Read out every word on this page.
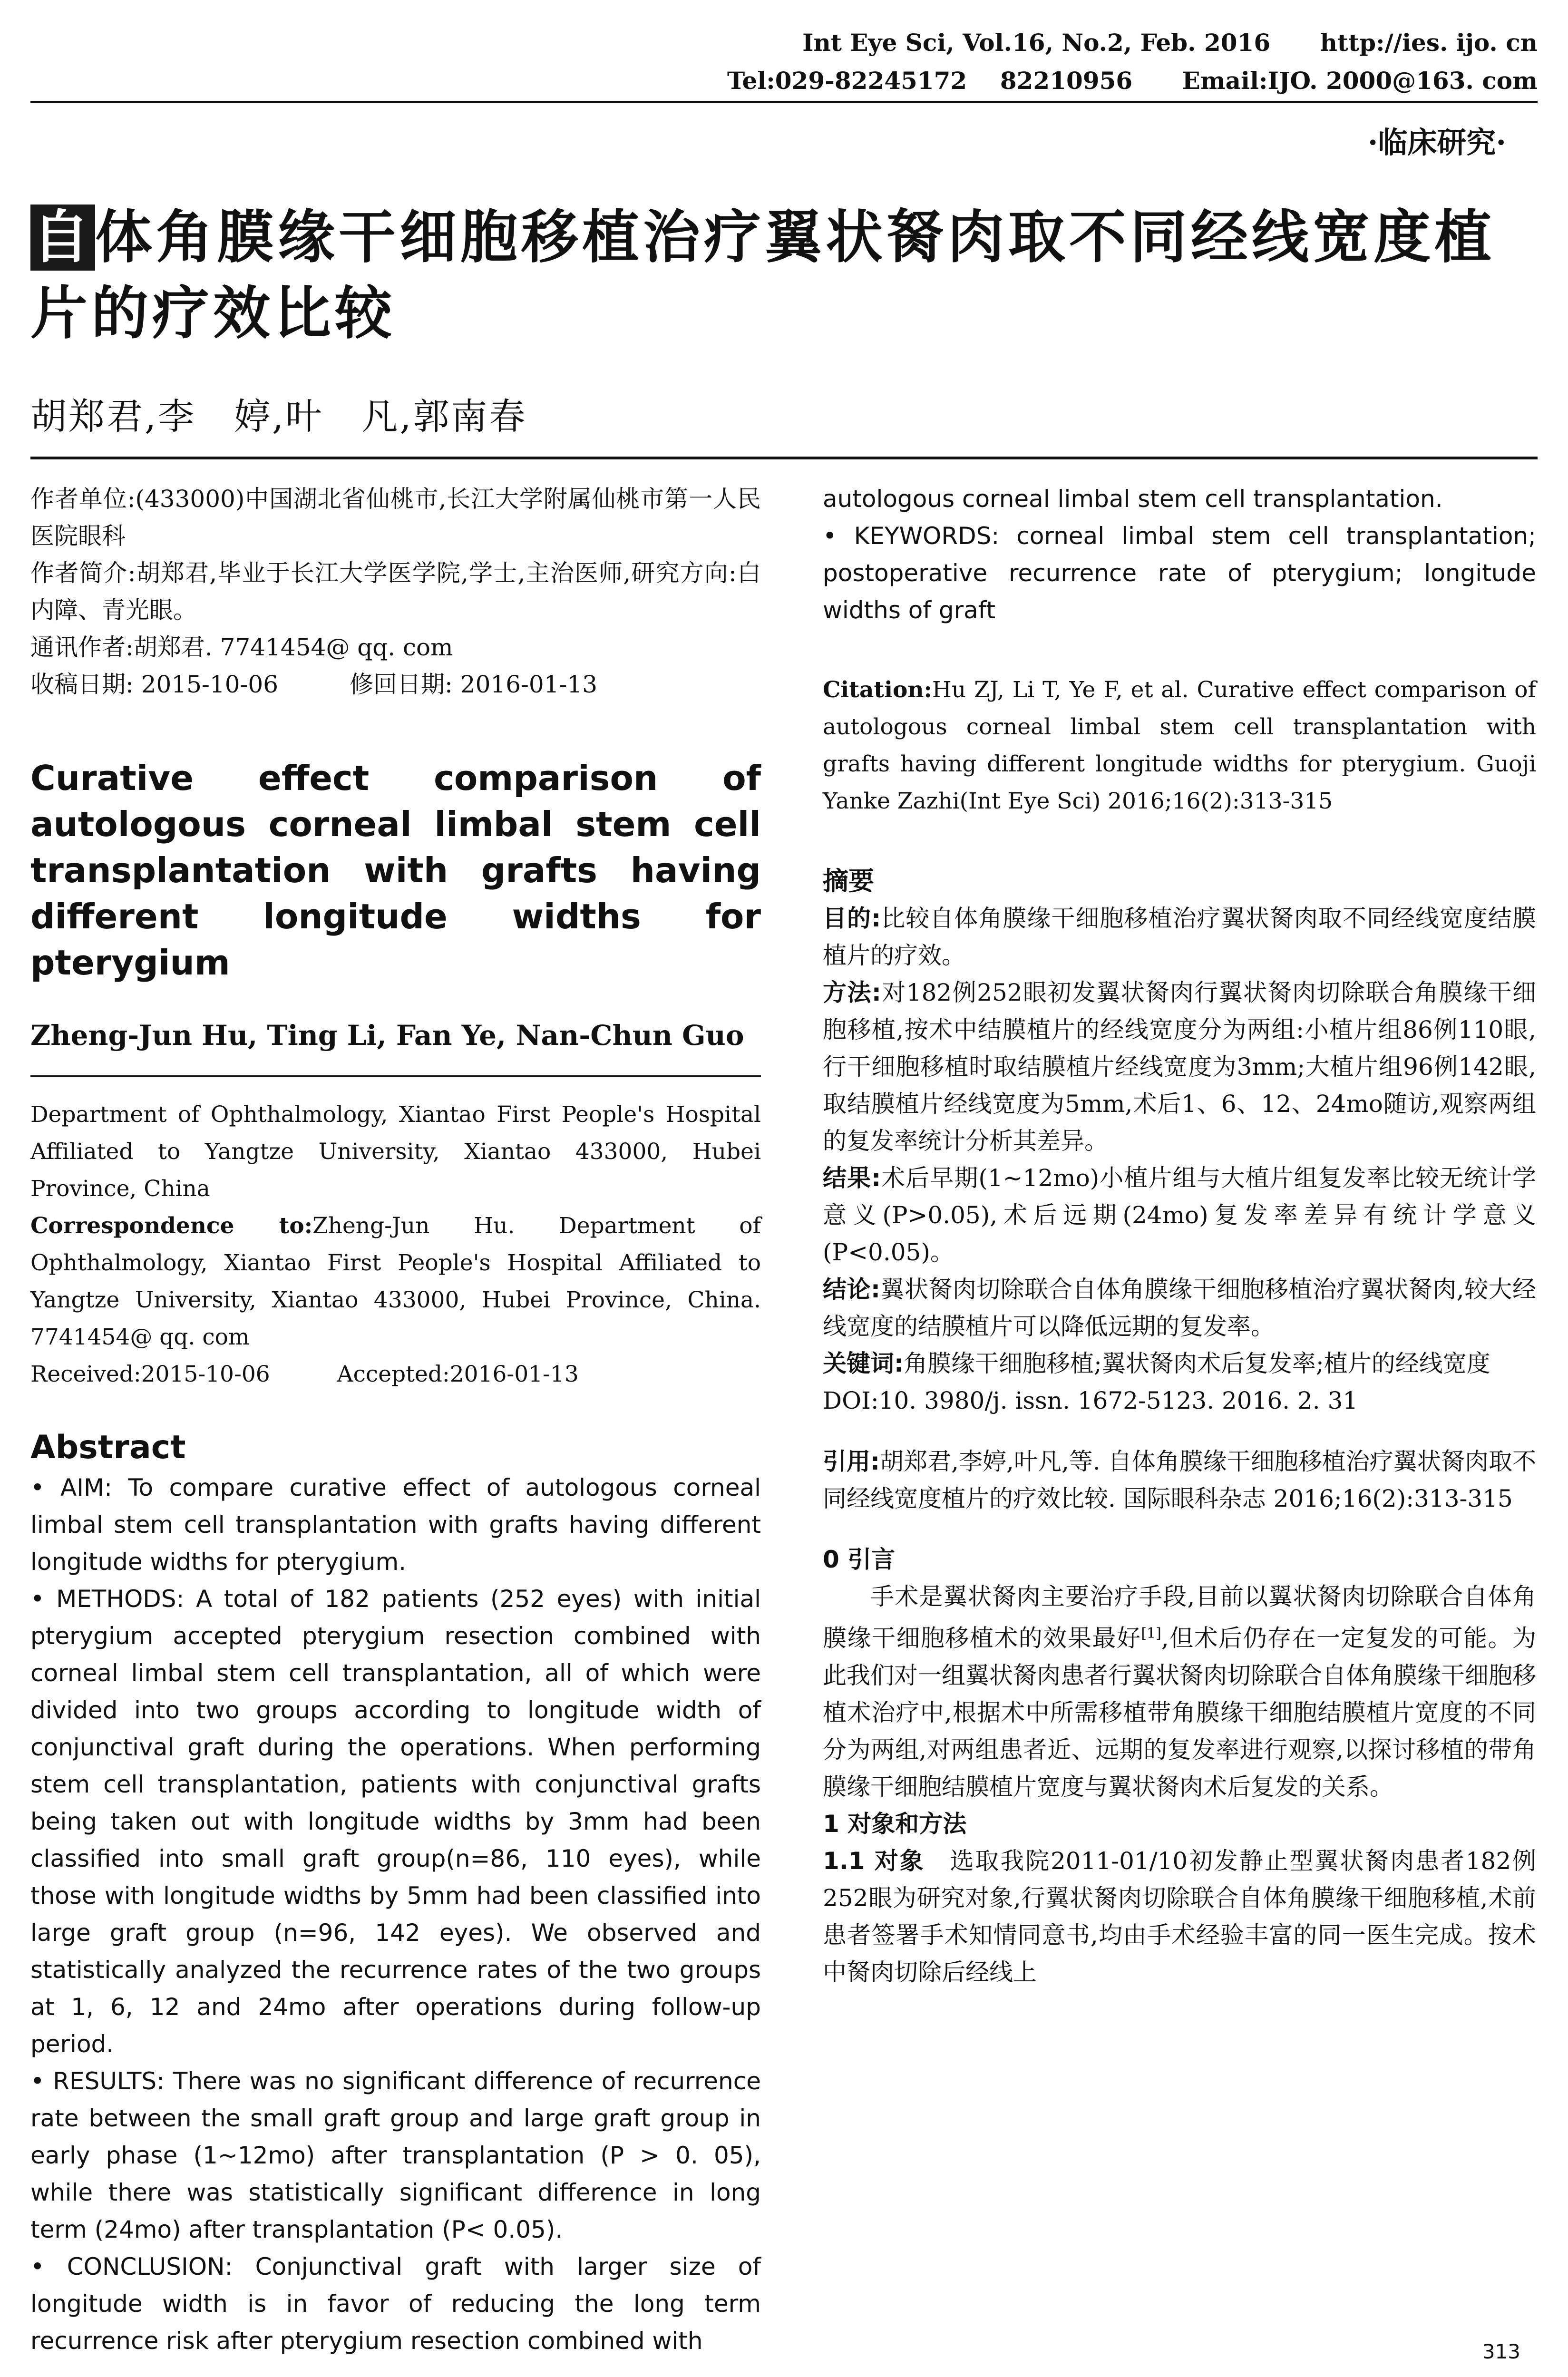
Int Eye Sci, Vol.16, No.2, Feb. 2016 http://ies. ijo. cn
Tel:029-82245172    82210956 Email:IJO. 2000@163. com
·临床研究·
自体角膜缘干细胞移植治疗翼状胬肉取不同经线宽度植片的疗效比较
胡郑君,李　婷,叶　凡,郭南春

作者单位:(433000)中国湖北省仙桃市,长江大学附属仙桃市第一人民医院眼科

作者简介:胡郑君,毕业于长江大学医学院,学士,主治医师,研究方向:白内障、青光眼。

通讯作者:胡郑君. 7741454@ qq. com

收稿日期: 2015-10-06　　　修回日期: 2016-01-13

Curative effect comparison of autologous corneal limbal stem cell transplantation with grafts having different longitude widths for pterygium
Zheng-Jun Hu, Ting Li, Fan Ye, Nan-Chun Guo

Department of Ophthalmology, Xiantao First People's Hospital Affiliated to Yangtze University, Xiantao 433000, Hubei Province, China

Correspondence to:Zheng-Jun Hu. Department of Ophthalmology, Xiantao First People's Hospital Affiliated to Yangtze University, Xiantao 433000, Hubei Province, China. 7741454@ qq. com

Received:2015-10-06　　　Accepted:2016-01-13

Abstract

• AIM: To compare curative effect of autologous corneal limbal stem cell transplantation with grafts having different longitude widths for pterygium.

• METHODS: A total of 182 patients (252 eyes) with initial pterygium accepted pterygium resection combined with corneal limbal stem cell transplantation, all of which were divided into two groups according to longitude width of conjunctival graft during the operations. When performing stem cell transplantation, patients with conjunctival grafts being taken out with longitude widths by 3mm had been classified into small graft group(n=86, 110 eyes), while those with longitude widths by 5mm had been classified into large graft group (n=96, 142 eyes). We observed and statistically analyzed the recurrence rates of the two groups at 1, 6, 12 and 24mo after operations during follow-up period.

• RESULTS: There was no significant difference of recurrence rate between the small graft group and large graft group in early phase (1~12mo) after transplantation (P > 0. 05), while there was statistically significant difference in long term (24mo) after transplantation (P< 0.05).

• CONCLUSION: Conjunctival graft with larger size of longitude width is in favor of reducing the long term recurrence risk after pterygium resection combined with

autologous corneal limbal stem cell transplantation.

• KEYWORDS: corneal limbal stem cell transplantation; postoperative recurrence rate of pterygium; longitude widths of graft

Citation:Hu ZJ, Li T, Ye F, et al. Curative effect comparison of autologous corneal limbal stem cell transplantation with grafts having different longitude widths for pterygium. Guoji Yanke Zazhi(Int Eye Sci) 2016;16(2):313-315

摘要

目的:比较自体角膜缘干细胞移植治疗翼状胬肉取不同经线宽度结膜植片的疗效。

方法:对182例252眼初发翼状胬肉行翼状胬肉切除联合角膜缘干细胞移植,按术中结膜植片的经线宽度分为两组:小植片组86例110眼,行干细胞移植时取结膜植片经线宽度为3mm;大植片组96例142眼,取结膜植片经线宽度为5mm,术后1、6、12、24mo随访,观察两组的复发率统计分析其差异。

结果:术后早期(1~12mo)小植片组与大植片组复发率比较无统计学意义(P>0.05),术后远期(24mo)复发率差异有统计学意义(P<0.05)。

结论:翼状胬肉切除联合自体角膜缘干细胞移植治疗翼状胬肉,较大经线宽度的结膜植片可以降低远期的复发率。

关键词:角膜缘干细胞移植;翼状胬肉术后复发率;植片的经线宽度

DOI:10. 3980/j. issn. 1672-5123. 2016. 2. 31

引用:胡郑君,李婷,叶凡,等. 自体角膜缘干细胞移植治疗翼状胬肉取不同经线宽度植片的疗效比较. 国际眼科杂志 2016;16(2):313-315

0 引言

手术是翼状胬肉主要治疗手段,目前以翼状胬肉切除联合自体角膜缘干细胞移植术的效果最好[1],但术后仍存在一定复发的可能。为此我们对一组翼状胬肉患者行翼状胬肉切除联合自体角膜缘干细胞移植术治疗中,根据术中所需移植带角膜缘干细胞结膜植片宽度的不同分为两组,对两组患者近、远期的复发率进行观察,以探讨移植的带角膜缘干细胞结膜植片宽度与翼状胬肉术后复发的关系。

1 对象和方法

1.1 对象　选取我院2011-01/10初发静止型翼状胬肉患者182例252眼为研究对象,行翼状胬肉切除联合自体角膜缘干细胞移植,术前患者签署手术知情同意书,均由手术经验丰富的同一医生完成。按术中胬肉切除后经线上

313
